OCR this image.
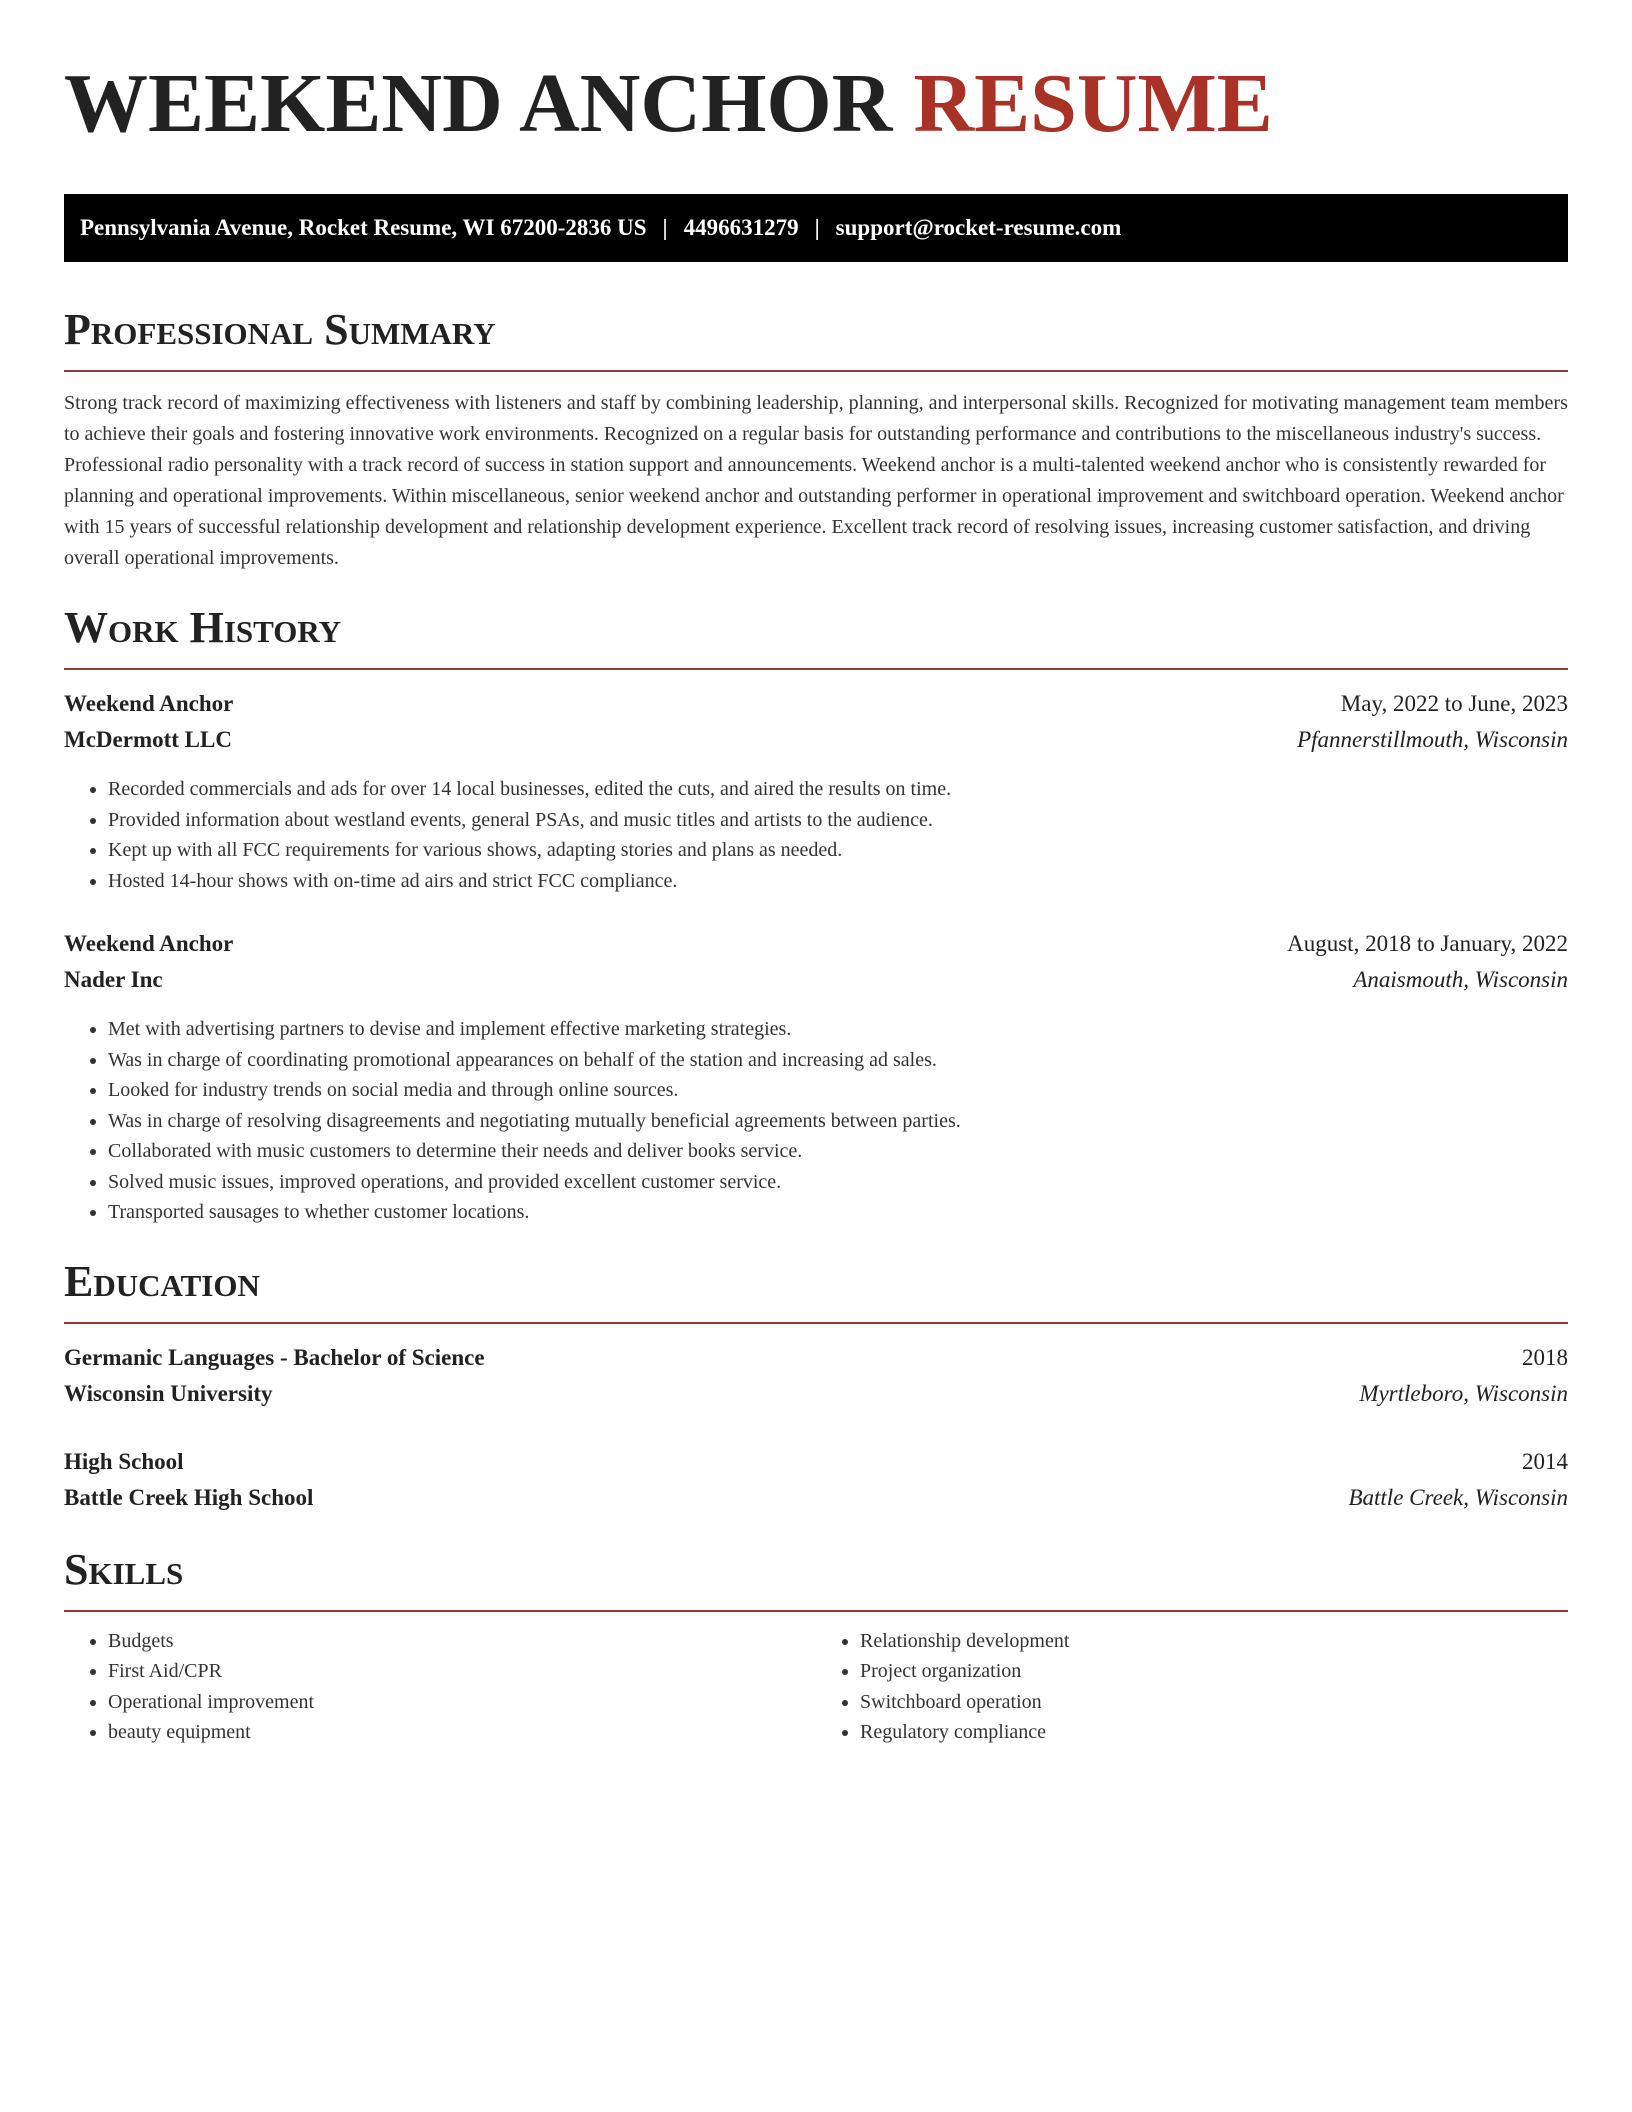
WEEKEND ANCHOR RESUME
Pennsylvania Avenue, Rocket Resume, WI 67200-2836 US | 4496631279 | support@rocket-resume.com
Professional Summary

Strong track record of maximizing effectiveness with listeners and staff by combining leadership, planning, and interpersonal skills. Recognized for motivating management team members to achieve their goals and fostering innovative work environments. Recognized on a regular basis for outstanding performance and contributions to the miscellaneous industry's success. Professional radio personality with a track record of success in station support and announcements. Weekend anchor is a multi-talented weekend anchor who is consistently rewarded for planning and operational improvements. Within miscellaneous, senior weekend anchor and outstanding performer in operational improvement and switchboard operation. Weekend anchor with 15 years of successful relationship development and relationship development experience. Excellent track record of resolving issues, increasing customer satisfaction, and driving overall operational improvements.

Work History
Weekend Anchor	May, 2022 to June, 2023
McDermott LLC	Pfannerstillmouth, Wisconsin
• Recorded commercials and ads for over 14 local businesses, edited the cuts, and aired the results on time.
• Provided information about westland events, general PSAs, and music titles and artists to the audience.
• Kept up with all FCC requirements for various shows, adapting stories and plans as needed.
• Hosted 14-hour shows with on-time ad airs and strict FCC compliance.
Weekend Anchor	August, 2018 to January, 2022
Nader Inc	Anaismouth, Wisconsin
• Met with advertising partners to devise and implement effective marketing strategies.
• Was in charge of coordinating promotional appearances on behalf of the station and increasing ad sales.
• Looked for industry trends on social media and through online sources.
• Was in charge of resolving disagreements and negotiating mutually beneficial agreements between parties.
• Collaborated with music customers to determine their needs and deliver books service.
• Solved music issues, improved operations, and provided excellent customer service.
• Transported sausages to whether customer locations.
Education
Germanic Languages - Bachelor of Science	2018
Wisconsin University	Myrtleboro, Wisconsin
High School	2014
Battle Creek High School	Battle Creek, Wisconsin
Skills
• Budgets
• First Aid/CPR
• Operational improvement
• beauty equipment
• Relationship development
• Project organization
• Switchboard operation
• Regulatory compliance
